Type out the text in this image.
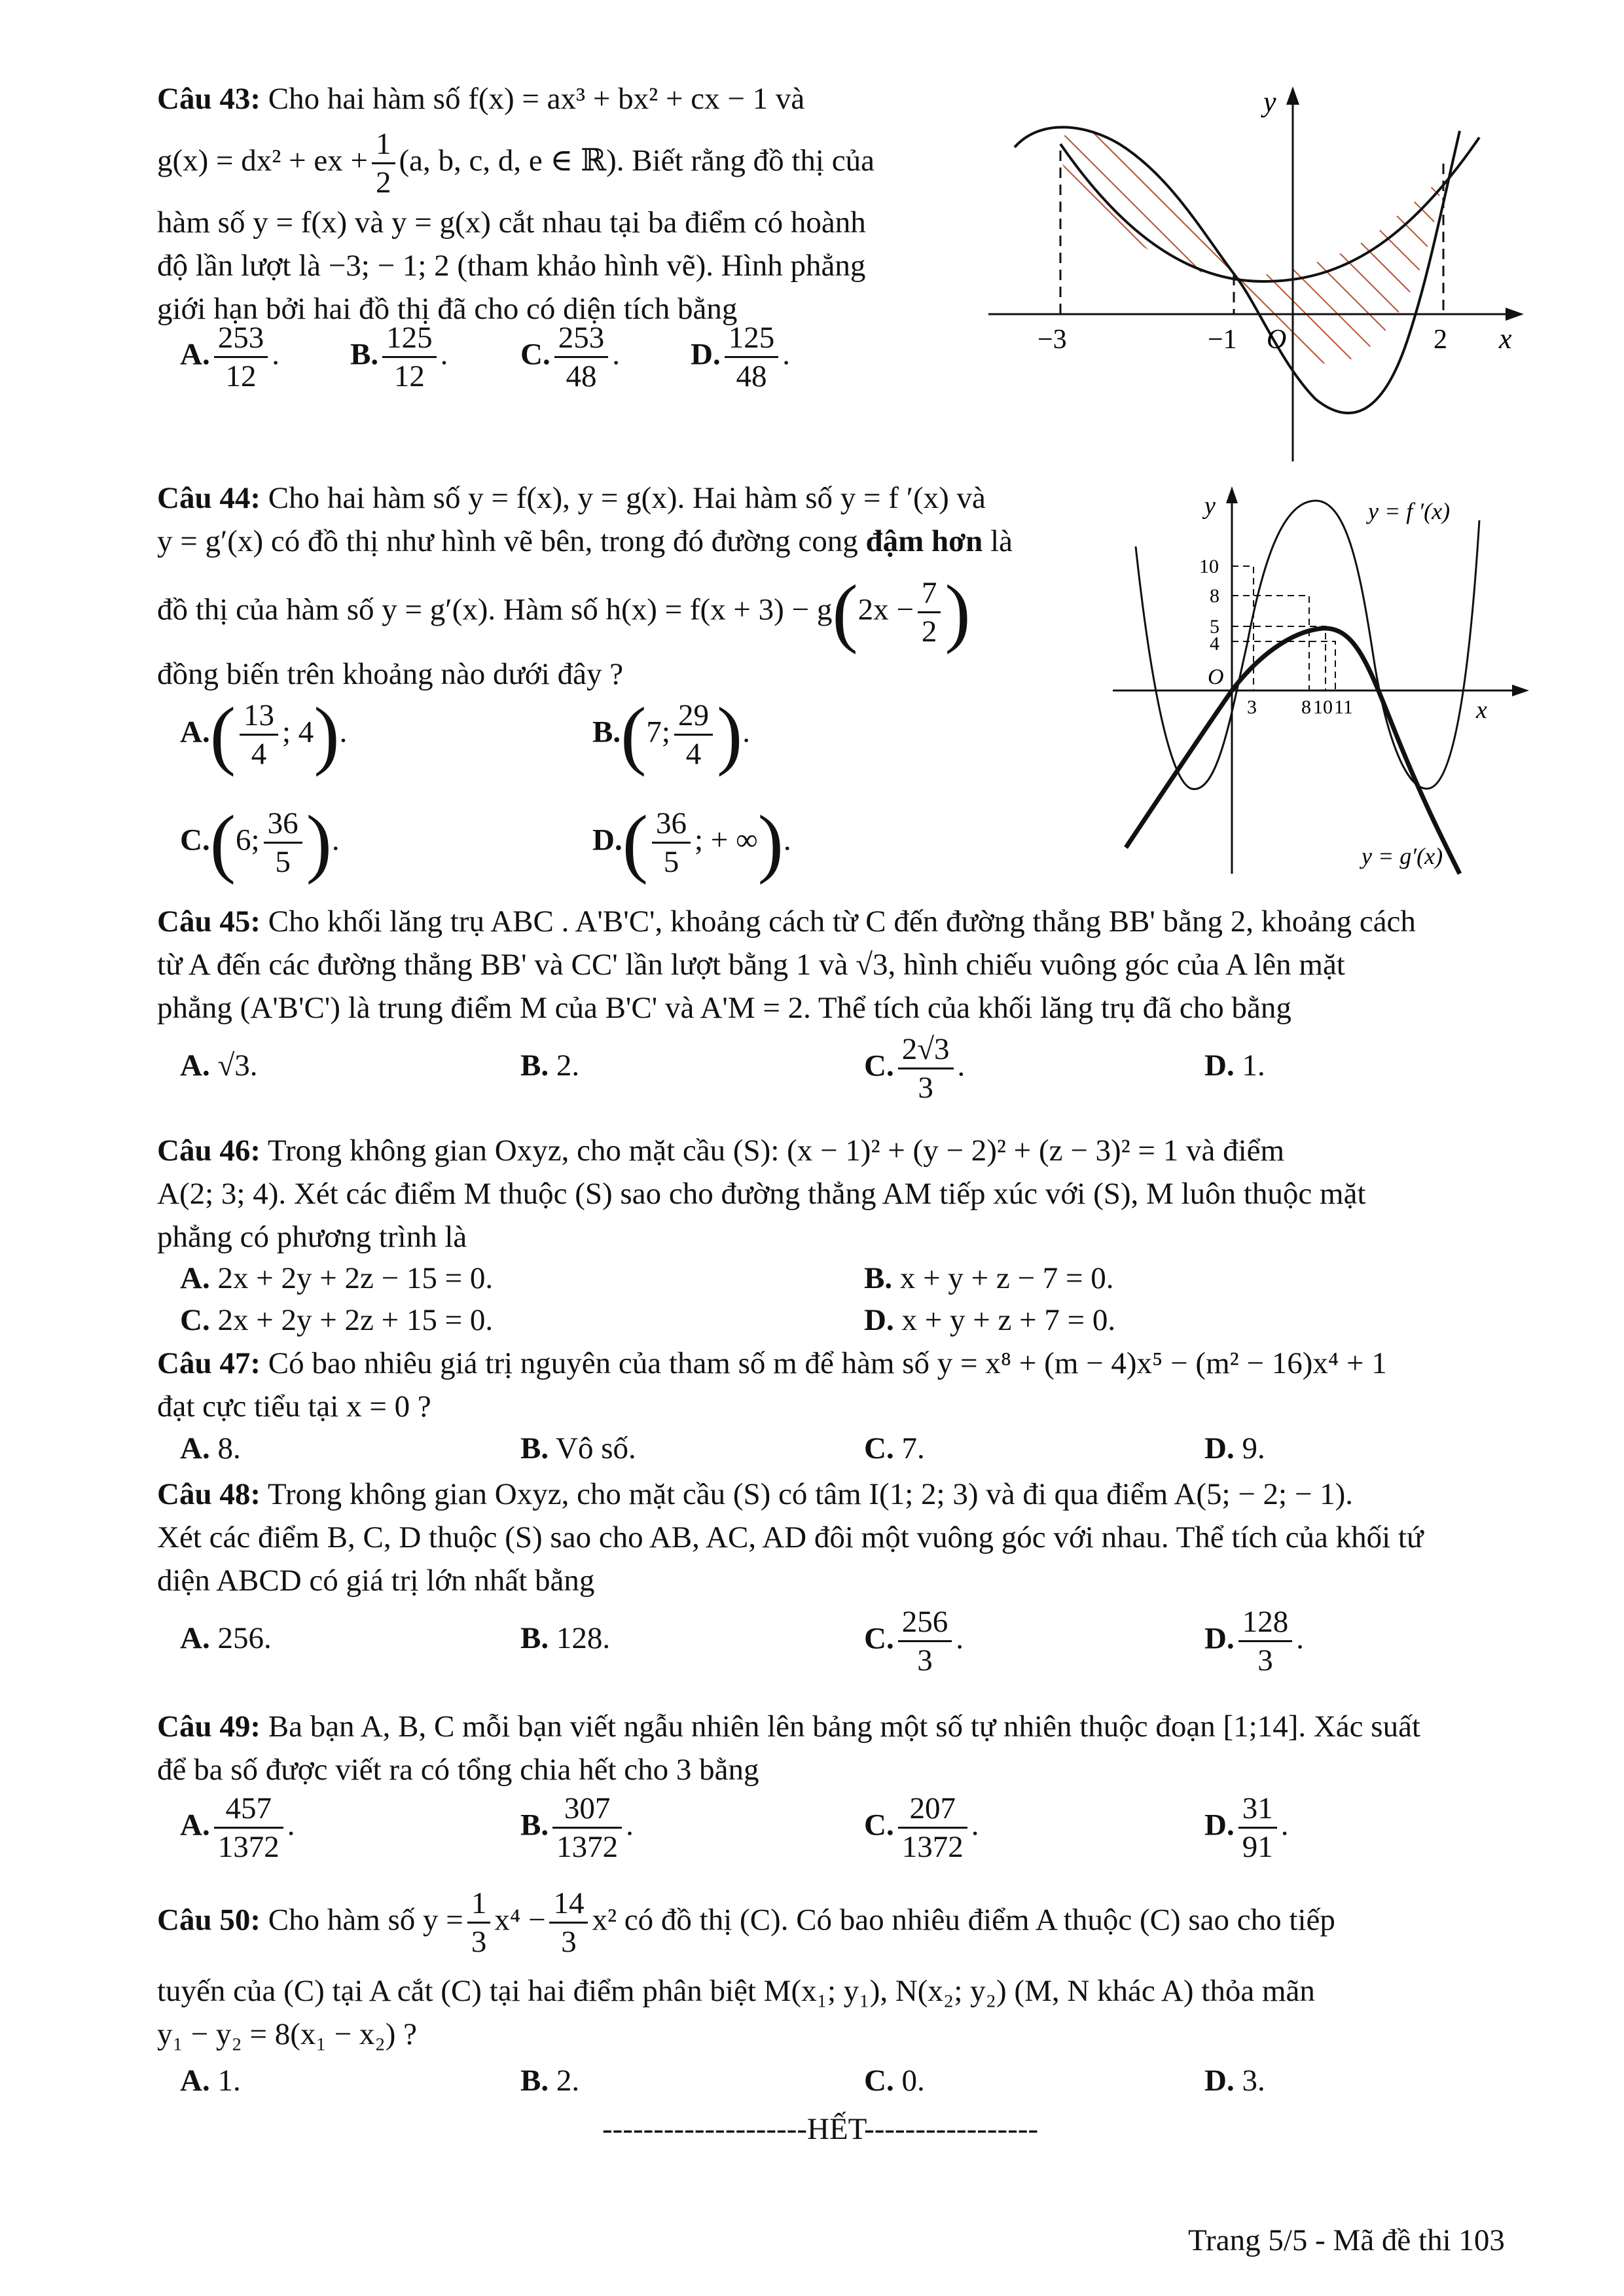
Câu 43: Cho hai hàm số f(x) = ax³ + bx² + cx − 1 và
g(x) = dx² + ex + $\frac{1}{2} (a$, b, c, d, e ∈ ℝ). Biết rằng đồ thị của
hàm số y = f(x) và y = g(x) cắt nhau tại ba điểm có hoành
độ lần lượt là −3; − 1; 2 (tham khảo hình vẽ). Hình phẳng
giới hạn bởi hai đồ thị đã cho có diện tích bằng
A. $\frac{253}{12}$ . B. $\frac{125}{12}$ . C. $\frac{253}{48}$ . D. $\frac{125}{48}$ .
y
x
−3	−1 O	2
Câu 44: Cho hai hàm số y = f(x), y = g(x). Hai hàm số y = f ′(x) và
y = g′(x) có đồ thị như hình vẽ bên, trong đó đường cong đậm hơn là
đồ thị của hàm số y = g′(x). Hàm số $h(x) = f(x + 3) - g(2x - \frac{7}{2}$ )
đồng biến trên khoảng nào dưới đây ?
$A.( \frac{13}{4}$ ; 4).	B.(7; $\frac{29}{4}$ ).
C.(6; $\frac{36}{5}$ ).	$D.( \frac{36}{5}$ ; + ∞).
y
x
O
y = f ′(x)
y = g′(x)
10
8
5
4
3 8 10 11
Câu 45: Cho khối lăng trụ ABC . A'B'C', khoảng cách từ C đến đường thẳng BB' bằng 2, khoảng cách
từ A đến các đường thẳng BB' và CC' lần lượt bằng 1 và √3, hình chiếu vuông góc của A lên mặt
phẳng (A'B'C') là trung điểm M của B'C' và A'M = 2. Thể tích của khối lăng trụ đã cho bằng
A. √3.	B. 2.	C. $\frac{2√3}{3}$ .	D. 1.
Câu 46: Trong không gian Oxyz, cho mặt cầu (S): (x − 1)² + (y − 2)² + (z − 3)² = 1 và điểm
A(2; 3; 4). Xét các điểm M thuộc (S) sao cho đường thẳng AM tiếp xúc với (S), M luôn thuộc mặt
phẳng có phương trình là
A. 2x + 2y + 2z − 15 = 0.	B. x + y + z − 7 = 0.
C. 2x + 2y + 2z + 15 = 0.	D. x + y + z + 7 = 0.
Câu 47: Có bao nhiêu giá trị nguyên của tham số m để hàm số y = x⁸ + (m − 4)x⁵ − (m² − 16)x⁴ + 1
đạt cực tiểu tại x = 0 ?
A. 8.	B. Vô số.	C. 7.	D. 9.
Câu 48: Trong không gian Oxyz, cho mặt cầu (S) có tâm I(1; 2; 3) và đi qua điểm A(5; − 2; − 1).
Xét các điểm B, C, D thuộc (S) sao cho AB, AC, AD đôi một vuông góc với nhau. Thể tích của khối tứ
diện ABCD có giá trị lớn nhất bằng
A. 256.	B. 128.	C. $\frac{256}{3}$ .	D. $\frac{128}{3}$ .
Câu 49: Ba bạn A, B, C mỗi bạn viết ngẫu nhiên lên bảng một số tự nhiên thuộc đoạn [1;14]. Xác suất
để ba số được viết ra có tổng chia hết cho 3 bằng
A. $\frac{457}{1372}$ .	B. $\frac{307}{1372}$ .	C. $\frac{207}{1372}$ .	D. $\frac{31}{91}$ .
Câu 50: Cho hàm số $y = \frac{1}{3} x^4 - \frac{14}{3} x^2$ có đồ thị (C). Có bao nhiêu điểm A thuộc (C) sao cho tiếp
tuyến của (C) tại A cắt (C) tại hai điểm phân biệt M(x₁; y₁), N(x₂; y₂) (M, N khác A) thỏa mãn
y₁ − y₂ = 8(x₁ − x₂) ?
A. 1.	B. 2.	C. 0.	D. 3.
--------------------HẾT-----------------
Trang 5/5 - Mã đề thi 103
